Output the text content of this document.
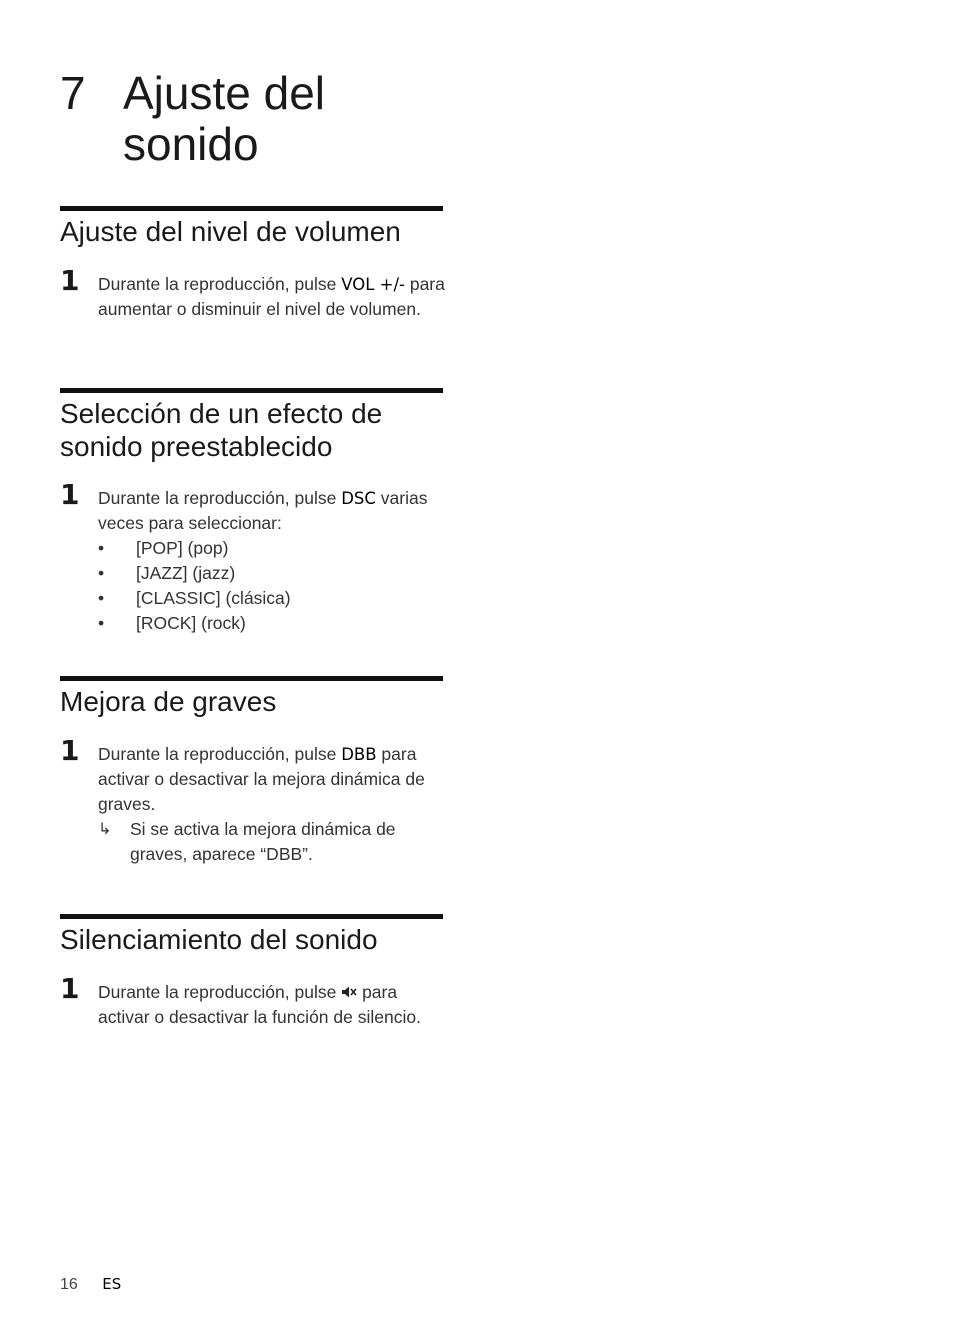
7 Ajuste del
sonido
Ajuste del nivel de volumen
1 Durante la reproducción, pulse VOL +/- para aumentar o disminuir el nivel de volumen.
Selección de un efecto de sonido preestablecido
1 Durante la reproducción, pulse DSC varias veces para seleccionar:
• [POP] (pop)
• [JAZZ] (jazz)
• [CLASSIC] (clásica)
• [ROCK] (rock)
Mejora de graves
1 Durante la reproducción, pulse DBB para activar o desactivar la mejora dinámica de graves.
↳ Si se activa la mejora dinámica de graves, aparece “DBB”.
Silenciamiento del sonido
1 Durante la reproducción, pulse  para activar o desactivar la función de silencio.
16 ES
